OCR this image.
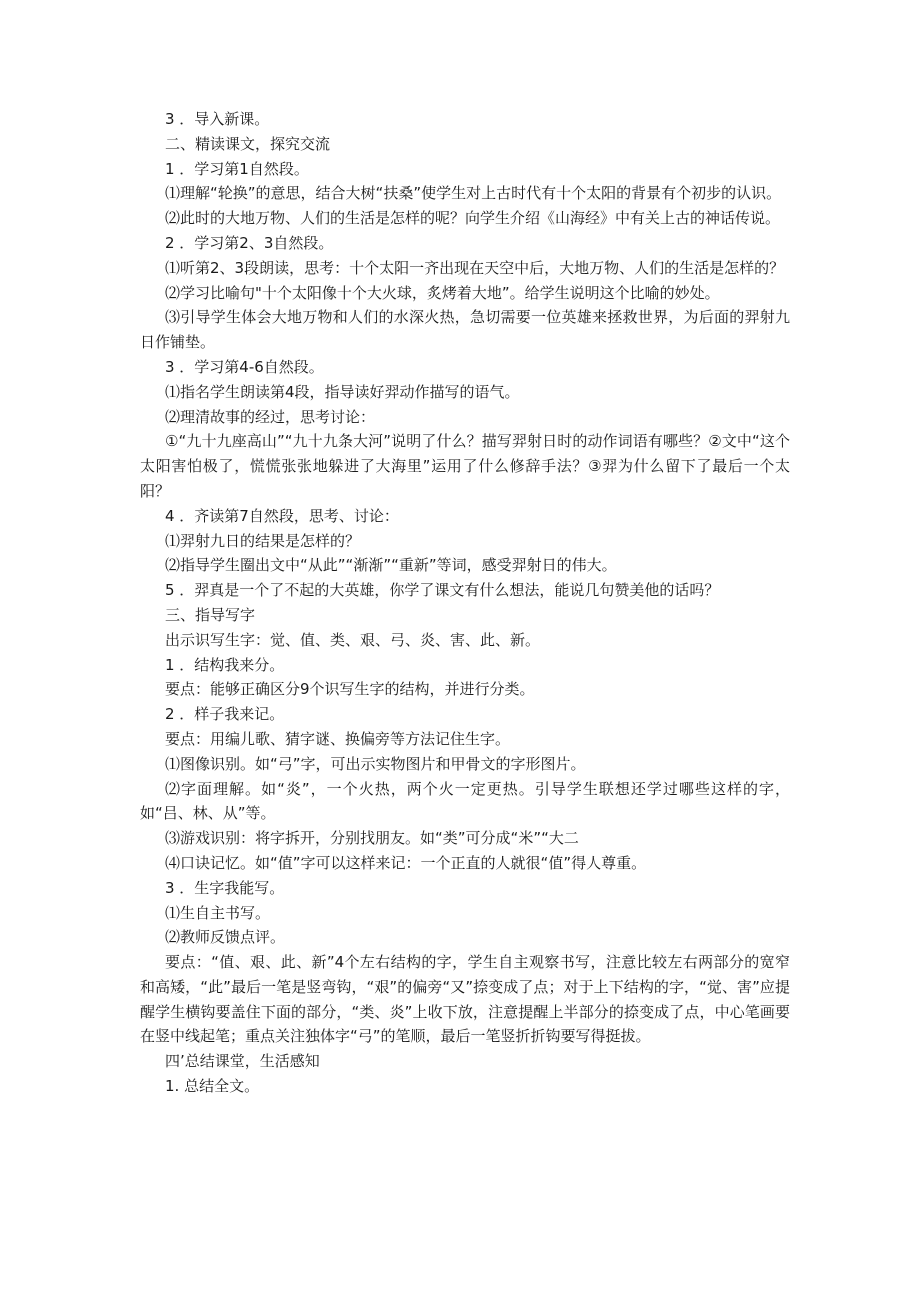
3 ．导入新课。

二、精读课文，探究交流

1 ．学习第1自然段。

⑴理解“轮换”的意思，结合大树“扶桑”使学生对上古时代有十个太阳的背景有个初步的认识。

⑵此时的大地万物、人们的生活是怎样的呢？向学生介绍《山海经》中有关上古的神话传说。

2 ．学习第2、3自然段。

⑴听第2、3段朗读，思考：十个太阳一齐出现在天空中后，大地万物、人们的生活是怎样的？

⑵学习比喻句"十个太阳像十个大火球，炙烤着大地”。给学生说明这个比喻的妙处。

⑶引导学生体会大地万物和人们的水深火热，急切需要一位英雄来拯救世界，为后面的羿射九日作铺垫。

3 ．学习第4-6自然段。

⑴指名学生朗读第4段，指导读好羿动作描写的语气。

⑵理清故事的经过，思考讨论：

①“九十九座高山”“九十九条大河”说明了什么？描写羿射日时的动作词语有哪些？②文中“这个太阳害怕极了，慌慌张张地躲进了大海里”运用了什么修辞手法？③羿为什么留下了最后一个太阳？

4 ．齐读第7自然段，思考、讨论：

⑴羿射九日的结果是怎样的？

⑵指导学生圈出文中“从此”“渐渐”“重新”等词，感受羿射日的伟大。

5 ．羿真是一个了不起的大英雄，你学了课文有什么想法，能说几句赞美他的话吗？

三、指导写字

出示识写生字：觉、值、类、艰、弓、炎、害、此、新。

1 ．结构我来分。

要点：能够正确区分9个识写生字的结构，并进行分类。

2 ．样子我来记。

要点：用编儿歌、猜字谜、换偏旁等方法记住生字。

⑴图像识别。如“弓”字，可出示实物图片和甲骨文的字形图片。

⑵字面理解。如“炎”，一个火热，两个火一定更热。引导学生联想还学过哪些这样的字，如“吕、林、从”等。

⑶游戏识别：将字拆开，分别找朋友。如“类”可分成“米”“大二

⑷口诀记忆。如“值”字可以这样来记：一个正直的人就很“值”得人尊重。

3 ．生字我能写。

⑴生自主书写。

⑵教师反馈点评。

要点：“值、艰、此、新”4个左右结构的字，学生自主观察书写，注意比较左右两部分的宽窄和高矮，“此”最后一笔是竖弯钩，“艰”的偏旁“又”捺变成了点；对于上下结构的字，“觉、害”应提醒学生横钩要盖住下面的部分，“类、炎”上收下放，注意提醒上半部分的捺变成了点，中心笔画要在竖中线起笔；重点关注独体字“弓”的笔顺，最后一笔竖折折钩要写得挺拔。

四’总结课堂，生活感知

1. 总结全文。
